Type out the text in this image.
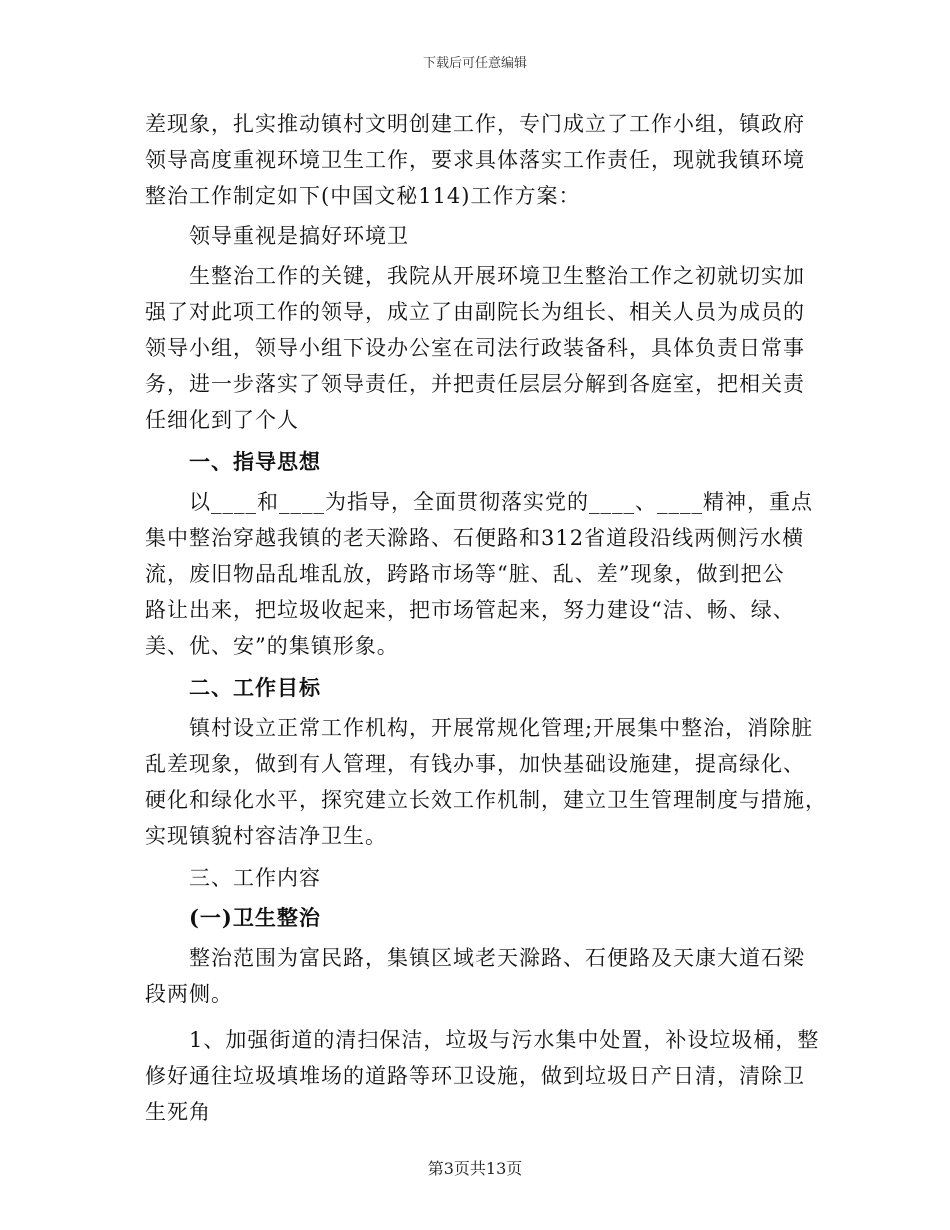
下载后可任意编辑
差现象，扎实推动镇村文明创建工作，专门成立了工作小组，镇政府
领导高度重视环境卫生工作，要求具体落实工作责任，现就我镇环境
整治工作制定如下(中国文秘114)工作方案：
领导重视是搞好环境卫
生整治工作的关键，我院从开展环境卫生整治工作之初就切实加
强了对此项工作的领导，成立了由副院长为组长、相关人员为成员的
领导小组，领导小组下设办公室在司法行政装备科，具体负责日常事
务，进一步落实了领导责任，并把责任层层分解到各庭室，把相关责
任细化到了个人
一、指导思想
以____和____为指导，全面贯彻落实党的____、____精神，重点
集中整治穿越我镇的老天滁路、石便路和312省道段沿线两侧污水横
流，废旧物品乱堆乱放，跨路市场等“脏、乱、差”现象，做到把公
路让出来，把垃圾收起来，把市场管起来，努力建设“洁、畅、绿、
美、优、安”的集镇形象。
二、工作目标
镇村设立正常工作机构，开展常规化管理;开展集中整治，消除脏
乱差现象，做到有人管理，有钱办事，加快基础设施建，提高绿化、
硬化和绿化水平，探究建立长效工作机制，建立卫生管理制度与措施，
实现镇貌村容洁净卫生。
三、工作内容
(一)卫生整治
整治范围为富民路，集镇区域老天滁路、石便路及天康大道石梁
段两侧。
1、加强街道的清扫保洁，垃圾与污水集中处置，补设垃圾桶，整
修好通往垃圾填堆场的道路等环卫设施，做到垃圾日产日清，清除卫
生死角
第3页共13页
